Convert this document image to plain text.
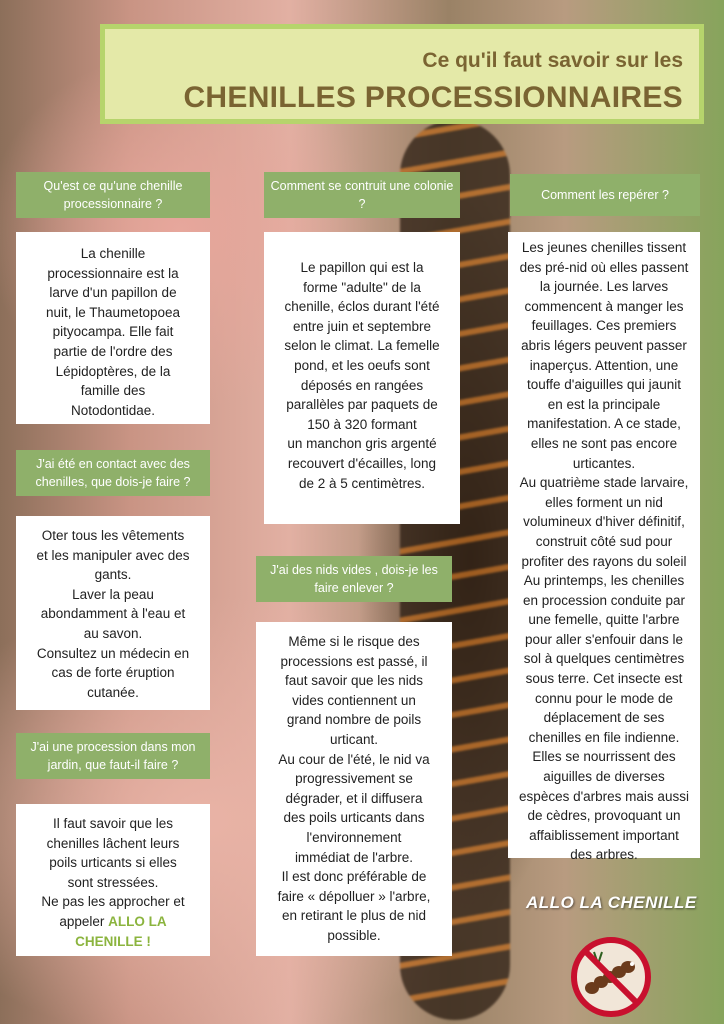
Ce qu'il faut savoir sur les
CHENILLES PROCESSIONNAIRES
Qu'est ce qu'une chenille processionnaire ?
La chenille
processionnaire est la
larve d'un papillon de
nuit, le Thaumetopoea
pityocampa. Elle fait
partie de l'ordre des
Lépidoptères, de la
famille des
Notodontidae.
J'ai été en contact avec des chenilles, que dois-je faire ?
Oter tous les vêtements
et les manipuler avec des
gants.
Laver la peau
abondamment à l'eau et
au savon.
Consultez un médecin en
cas de forte éruption
cutanée.
J'ai une procession dans mon jardin, que faut-il faire ?
Il faut savoir que les
chenilles lâchent leurs
poils urticants si elles
sont stressées.
Ne pas les approcher et
appeler ALLO LA
CHENILLE !
Comment se contruit une colonie ?
Le papillon qui est la
forme "adulte" de la
chenille, éclos durant l'été
entre juin et septembre
selon le climat. La femelle
pond, et les oeufs sont
déposés en rangées
parallèles par paquets de
150 à 320 formant
un manchon gris argenté
recouvert d'écailles, long
de 2 à 5 centimètres.
J'ai des nids vides , dois-je les faire enlever ?
Même si le risque des
processions est passé, il
faut savoir que les nids
vides contiennent un
grand nombre de poils
urticant.
Au cour de l'été, le nid va
progressivement se
dégrader, et il diffusera
des poils urticants dans
l'environnement
immédiat de l'arbre.
Il est donc préférable de
faire « dépolluer » l'arbre,
en retirant le plus de nid
possible.
Comment les repérer ?
Les jeunes chenilles tissent
des pré-nid où elles passent
la journée. Les larves
commencent à manger les
feuillages. Ces premiers
abris légers peuvent passer
inaperçus. Attention, une
touffe d'aiguilles qui jaunit
en est la principale
manifestation. A ce stade,
elles ne sont pas encore
urticantes.
Au quatrième stade larvaire,
elles forment un nid
volumineux d'hiver définitif,
construit côté sud pour
profiter des rayons du soleil
Au printemps, les chenilles
en procession conduite par
une femelle, quitte l'arbre
pour aller s'enfouir dans le
sol à quelques centimètres
sous terre. Cet insecte est
connu pour le mode de
déplacement de ses
chenilles en file indienne.
Elles se nourrissent des
aiguilles de diverses
espèces d'arbres mais aussi
de cèdres, provoquant un
affaiblissement important
des arbres.
ALLO LA CHENILLE
